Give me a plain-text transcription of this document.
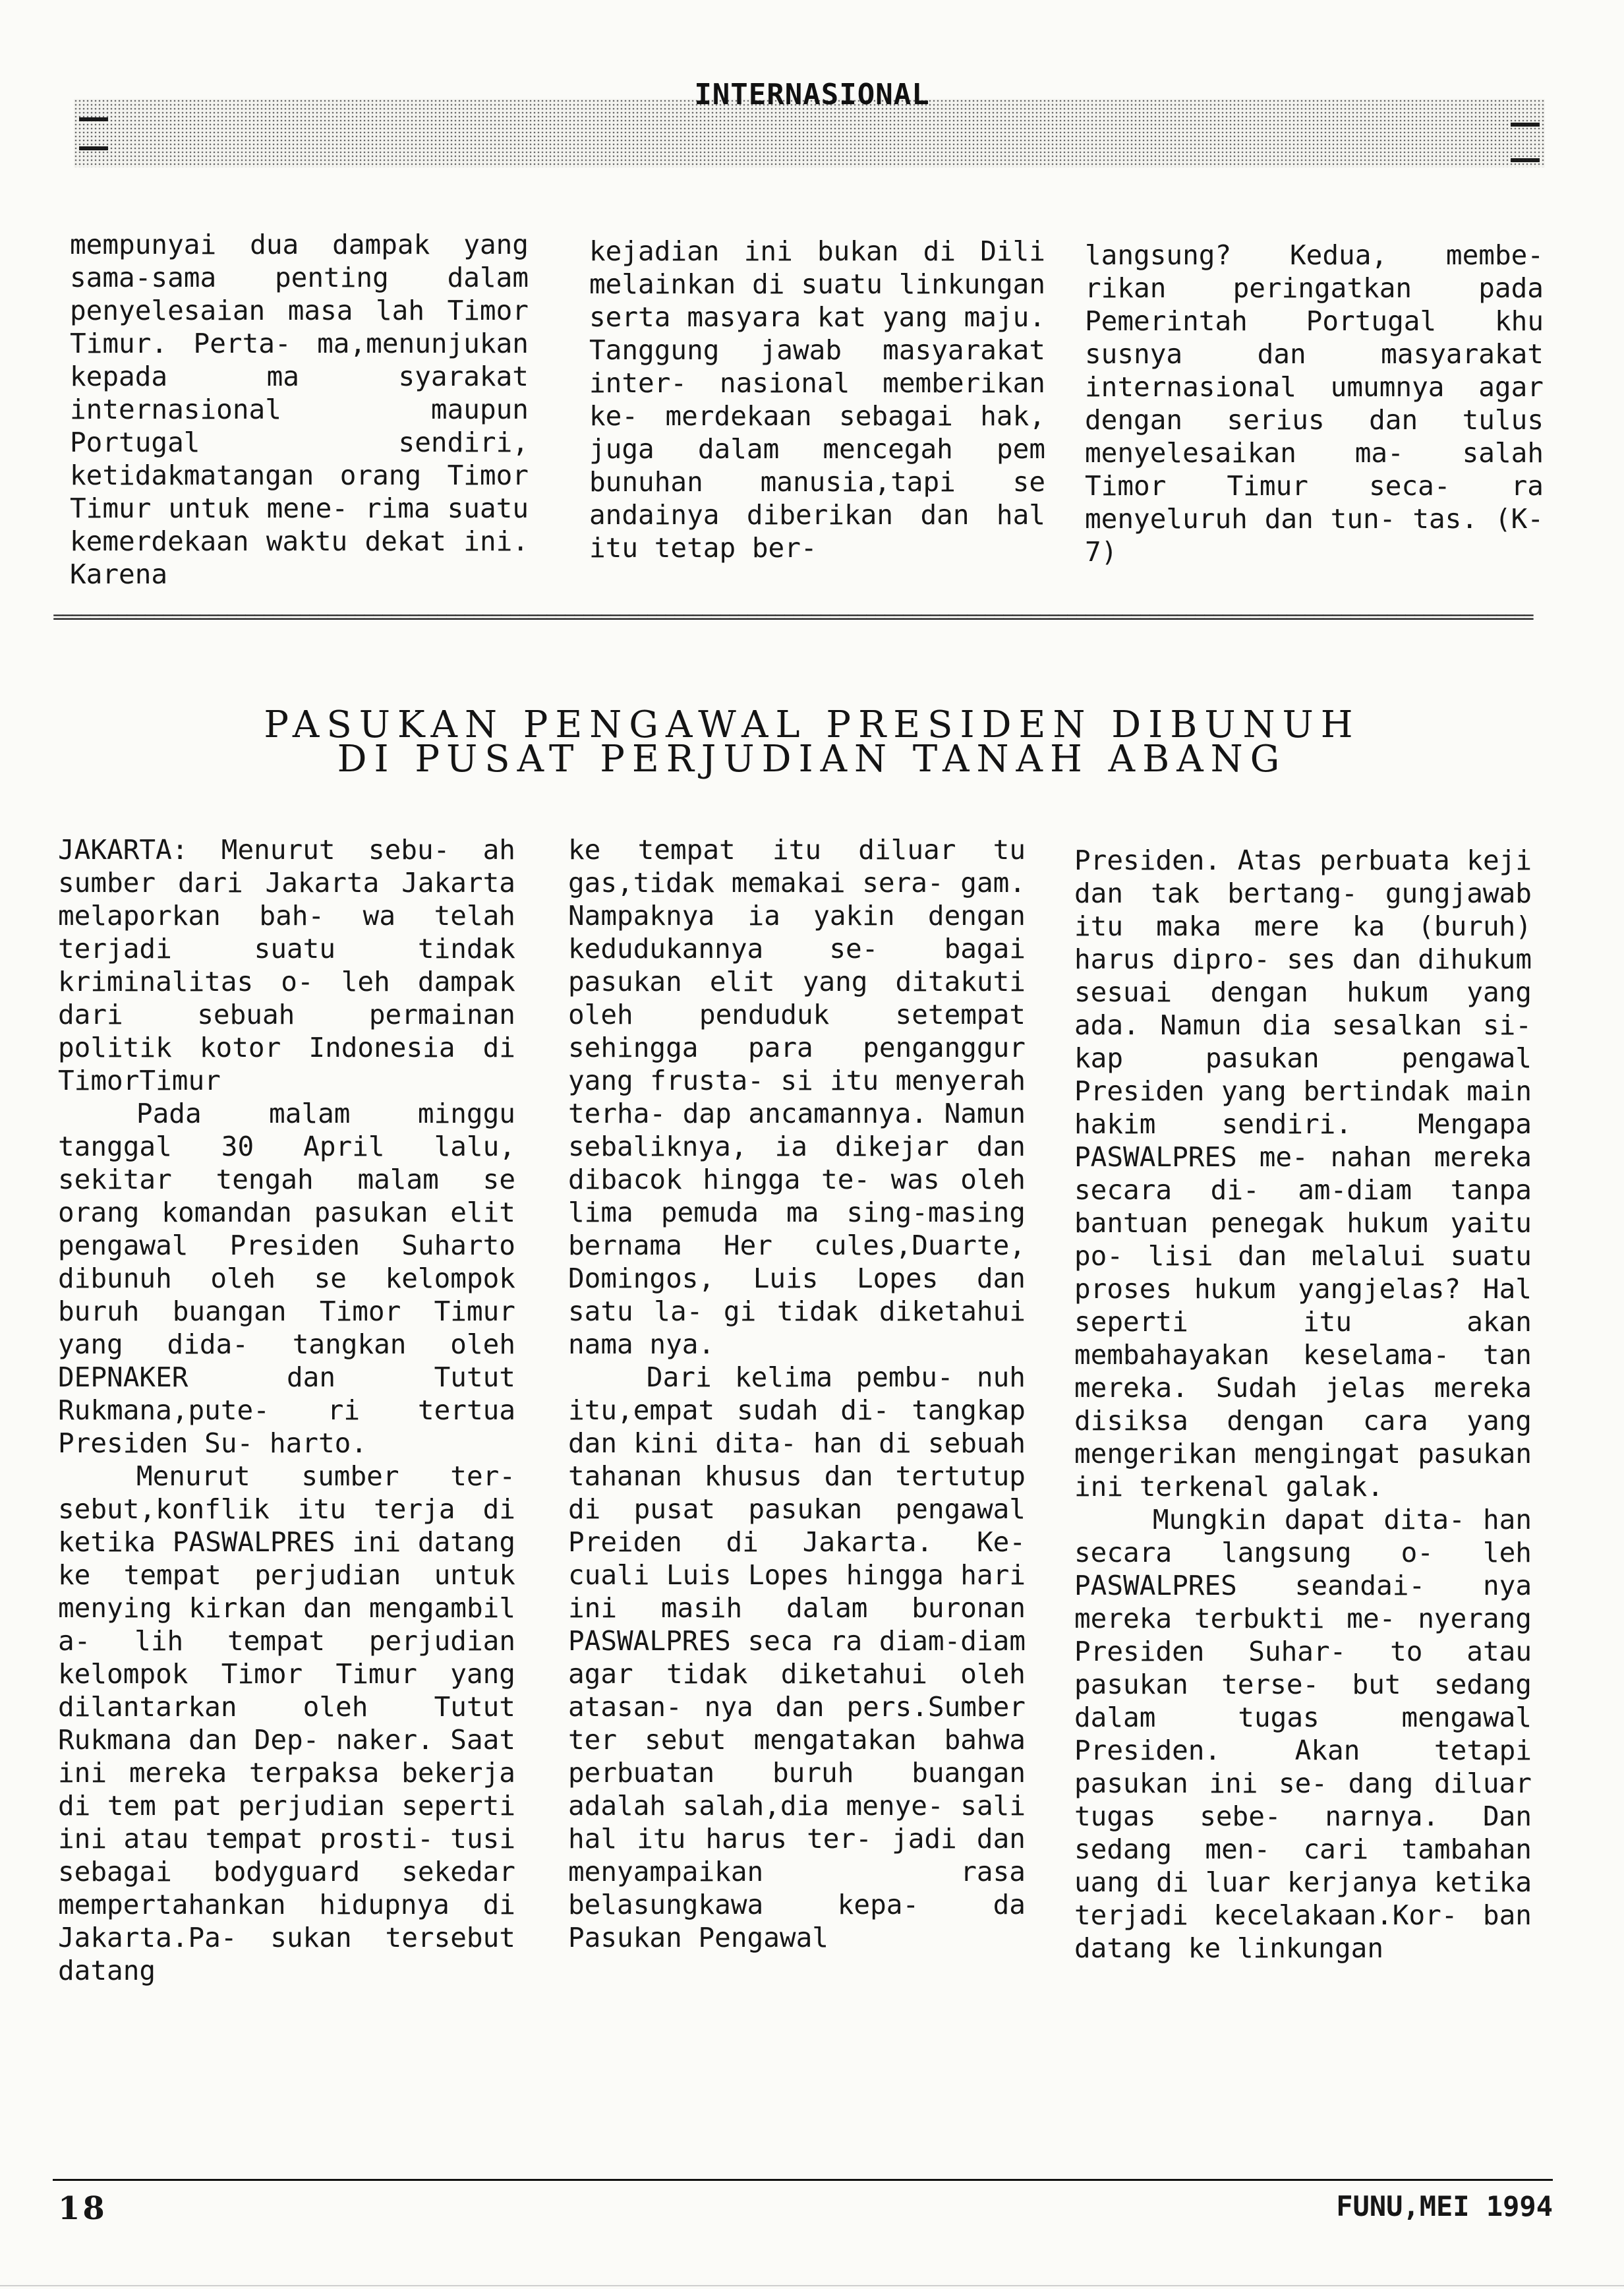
INTERNASIONAL
mempunyai dua dampak yang sama-sama penting dalam penyelesaian masa lah Timor Timur. Perta- ma,menunjukan kepada ma syarakat internasional maupun Portugal sendiri, ketidakmatangan orang Timor Timur untuk mene- rima suatu kemerdekaan waktu dekat ini. Karena
kejadian ini bukan di Dili melainkan di suatu linkungan serta masyara kat yang maju. Tanggung jawab masyarakat inter- nasional memberikan ke- merdekaan sebagai hak, juga dalam mencegah pem bunuhan manusia,tapi se andainya diberikan dan hal itu tetap ber-
langsung? Kedua, membe- rikan peringatkan pada Pemerintah Portugal khu susnya dan masyarakat internasional umumnya agar dengan serius dan tulus menyelesaikan ma- salah Timor Timur seca- ra menyeluruh dan tun- tas. (K-7)
==================================================================================================================================================================
PASUKAN PENGAWAL PRESIDEN DIBUNUH
DI PUSAT PERJUDIAN TANAH ABANG

JAKARTA: Menurut sebu- ah sumber dari Jakarta Jakarta melaporkan bah- wa telah terjadi suatu tindak kriminalitas o- leh dampak dari sebuah permainan politik kotor Indonesia di TimorTimur

Pada malam minggu tanggal 30 April lalu, sekitar tengah malam se orang komandan pasukan elit pengawal Presiden Suharto dibunuh oleh se kelompok buruh buangan Timor Timur yang dida- tangkan oleh DEPNAKER dan Tutut Rukmana,pute- ri tertua Presiden Su- harto.

Menurut sumber ter- sebut,konflik itu terja di ketika PASWALPRES ini datang ke tempat perjudian untuk menying kirkan dan mengambil a- lih tempat perjudian kelompok Timor Timur yang dilantarkan oleh Tutut Rukmana dan Dep- naker. Saat ini mereka terpaksa bekerja di tem pat perjudian seperti ini atau tempat prosti- tusi sebagai bodyguard sekedar mempertahankan hidupnya di Jakarta.Pa- sukan tersebut datang

ke tempat itu diluar tu gas,tidak memakai sera- gam. Nampaknya ia yakin dengan kedudukannya se- bagai pasukan elit yang ditakuti oleh penduduk setempat sehingga para penganggur yang frusta- si itu menyerah terha- dap ancamannya. Namun sebaliknya, ia dikejar dan dibacok hingga te- was oleh lima pemuda ma sing-masing bernama Her cules,Duarte, Domingos, Luis Lopes dan satu la- gi tidak diketahui nama nya.

Dari kelima pembu- nuh itu,empat sudah di- tangkap dan kini dita- han di sebuah tahanan khusus dan tertutup di pusat pasukan pengawal Preiden di Jakarta. Ke- cuali Luis Lopes hingga hari ini masih dalam buronan PASWALPRES seca ra diam-diam agar tidak diketahui oleh atasan- nya dan pers.Sumber ter sebut mengatakan bahwa perbuatan buruh buangan adalah salah,dia menye- sali hal itu harus ter- jadi dan menyampaikan rasa belasungkawa kepa- da Pasukan Pengawal

Presiden. Atas perbuata keji dan tak bertang- gungjawab itu maka mere ka (buruh) harus dipro- ses dan dihukum sesuai dengan hukum yang ada. Namun dia sesalkan si- kap pasukan pengawal Presiden yang bertindak main hakim sendiri. Mengapa PASWALPRES me- nahan mereka secara di- am-diam tanpa bantuan penegak hukum yaitu po- lisi dan melalui suatu proses hukum yangjelas? Hal seperti itu akan membahayakan keselama- tan mereka. Sudah jelas mereka disiksa dengan cara yang mengerikan mengingat pasukan ini terkenal galak.

Mungkin dapat dita- han secara langsung o- leh PASWALPRES seandai- nya mereka terbukti me- nyerang Presiden Suhar- to atau pasukan terse- but sedang dalam tugas mengawal Presiden. Akan tetapi pasukan ini se- dang diluar tugas sebe- narnya. Dan sedang men- cari tambahan uang di luar kerjanya ketika terjadi kecelakaan.Kor- ban datang ke linkungan

18	FUNU,MEI 1994
